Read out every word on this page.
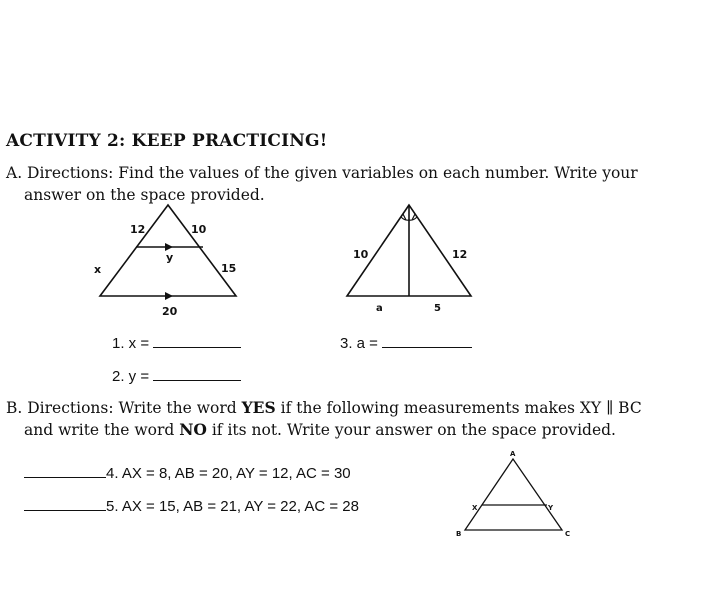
ACTIVITY 2: KEEP PRACTICING!
A. Directions: Find the values of the given variables on each number. Write your
answer on the space provided.
12	10
y
x	15
20
10	12
a	5
A
X	Y
B	C
1. x =	3. a =
2. y =
B. Directions: Write the word YES if the following measurements makes XY ∥ BC
and write the word NO if its not. Write your answer on the space provided.
4. AX = 8, AB = 20, AY = 12, AC = 30
5. AX = 15, AB = 21, AY = 22, AC = 28
